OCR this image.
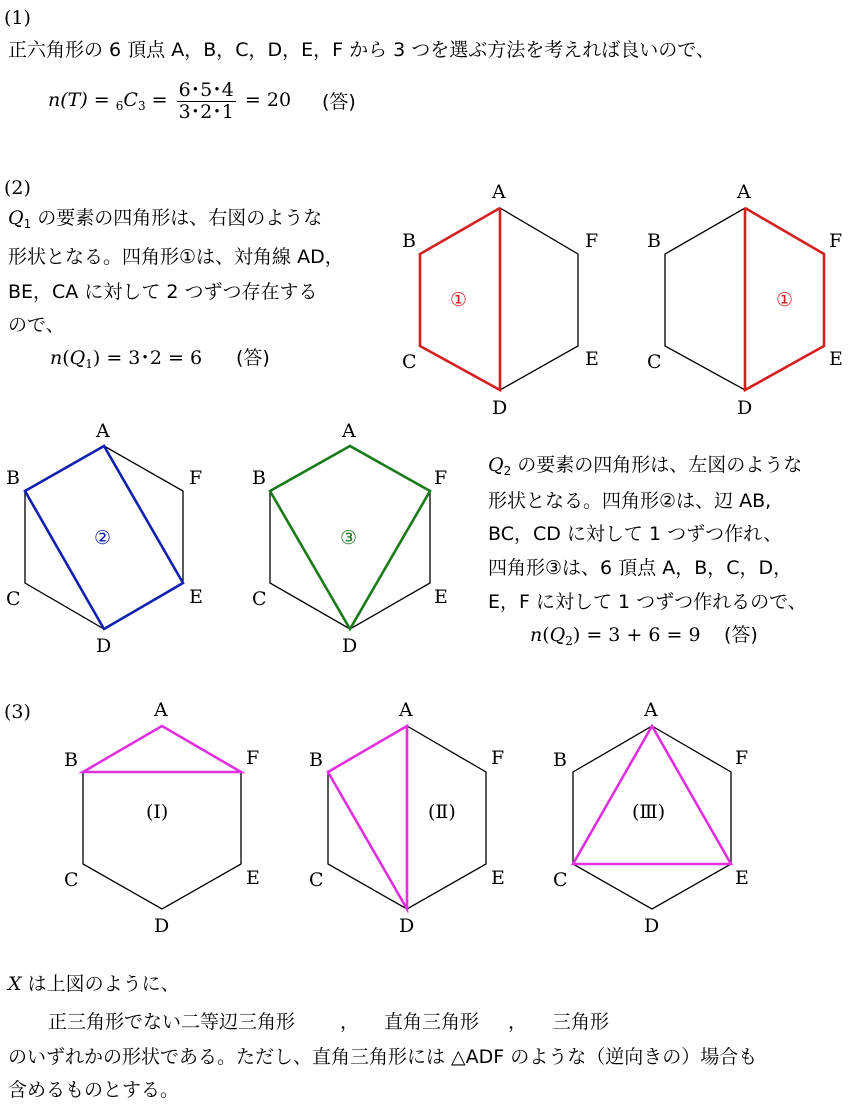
(1)
正六角形の 6 頂点 A，B，C，D，E，F から 3 つを選ぶ方法を考えれば良いので、
$n(T) = _6C_3 = \frac{6･5･4}{3･2･1} = 20$ (答)
(2)
$Q_1$ の要素の四角形は、右図のような
形状となる。四角形①は、対角線 AD，
BE，CA に対して 2 つずつ存在する
ので、
$n(Q_1) = 3$･2 = 6 (答)
$Q_2$ の要素の四角形は、左図のような
形状となる。四角形②は、辺 AB,
BC，CD に対して 1 つずつ作れ、
四角形③は、6 頂点 A，B，C，D，
E，F に対して 1 つずつ作れるので、
$n(Q_2) = 3 + 6 = 9$ (答)
A
B	F
C	E
D
①
A
B	F
C	E
D
①
A
B	F
C	E
D
②
A
B	F
C	E
D
③
A
B	F
C	E
D
(Ⅰ)
A
B	F
C	E
D
(Ⅱ)
A
B	F
C	E
D
(Ⅲ)
(3)
X は上図のように、
正三角形でない二等辺三角形 ， 直角三角形 ， 三角形
のいずれかの形状である。ただし、直角三角形には △ADF のような（逆向きの）場合も
含めるものとする。
